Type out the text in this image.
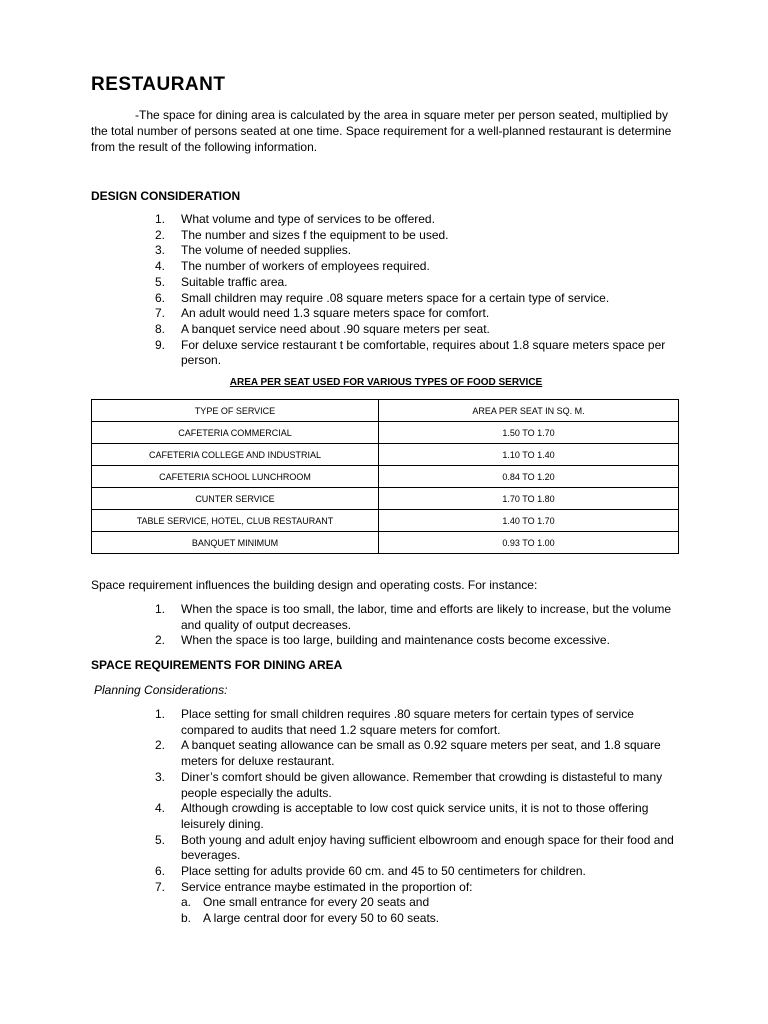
RESTAURANT

-The space for dining area is calculated by the area in square meter per person seated, multiplied by the total number of persons seated at one time. Space requirement for a well-planned restaurant is determine from the result of the following information.

DESIGN CONSIDERATION
1. What volume and type of services to be offered.
2. The number and sizes f the equipment to be used.
3. The volume of needed supplies.
4. The number of workers of employees required.
5. Suitable traffic area.
6. Small children may require .08 square meters space for a certain type of service.
7. An adult would need 1.3 square meters space for comfort.
8. A banquet service need about .90 square meters per seat.
9. For deluxe service restaurant t be comfortable, requires about 1.8 square meters space per person.

AREA PER SEAT USED FOR VARIOUS TYPES OF FOOD SERVICE

TYPE OF SERVICE	AREA PER SEAT IN SQ. M.
CAFETERIA COMMERCIAL	1.50 TO 1.70
CAFETERIA COLLEGE AND INDUSTRIAL	1.10 TO 1.40
CAFETERIA SCHOOL LUNCHROOM	0.84 TO 1.20
CUNTER SERVICE	1.70 TO 1.80
TABLE SERVICE, HOTEL, CLUB RESTAURANT	1.40 TO 1.70
BANQUET MINIMUM	0.93 TO 1.00

Space requirement influences the building design and operating costs. For instance:

1. When the space is too small, the labor, time and efforts are likely to increase, but the volume and quality of output decreases.
2. When the space is too large, building and maintenance costs become excessive.
SPACE REQUIREMENTS FOR DINING AREA

Planning Considerations:

1. Place setting for small children requires .80 square meters for certain types of service compared to audits that need 1.2 square meters for comfort.
2. A banquet seating allowance can be small as 0.92 square meters per seat, and 1.8 square meters for deluxe restaurant.
3. Diner’s comfort should be given allowance. Remember that crowding is distasteful to many people especially the adults.
4. Although crowding is acceptable to low cost quick service units, it is not to those offering leisurely dining.
5. Both young and adult enjoy having sufficient elbowroom and enough space for their food and beverages.
6. Place setting for adults provide 60 cm. and 45 to 50 centimeters for children.
7. Service entrance maybe estimated in the proportion of:
a. One small entrance for every 20 seats and
b. A large central door for every 50 to 60 seats.
